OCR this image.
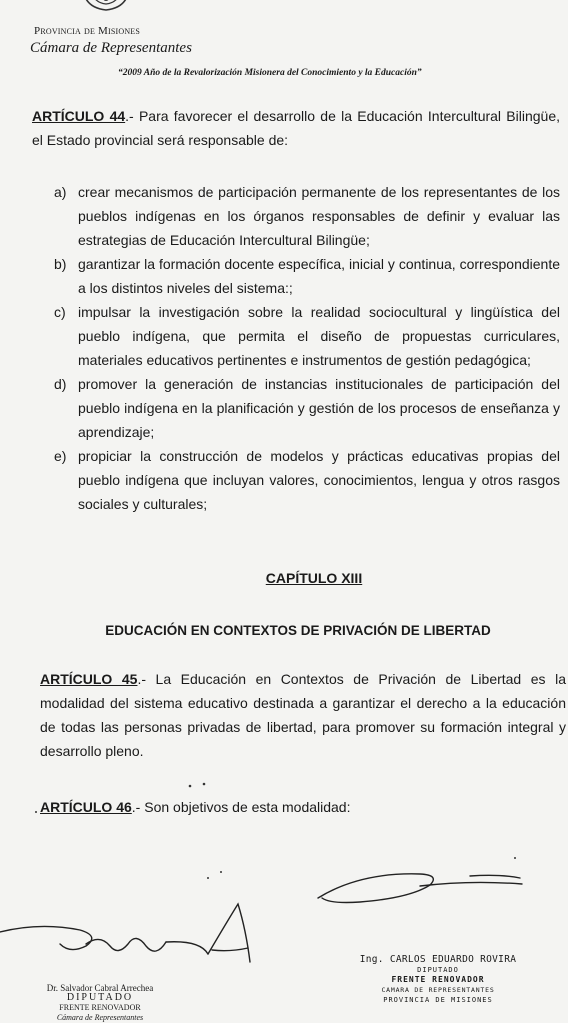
Provincia de Misiones
Cámara de Representantes
“2009 Año de la Revalorización Misionera del Conocimiento y la Educación”
ARTÍCULO 44.- Para favorecer el desarrollo de la Educación Intercultural Bilingüe, el Estado provincial será responsable de:
a) crear mecanismos de participación permanente de los representantes de los pueblos indígenas en los órganos responsables de definir y evaluar las estrategias de Educación Intercultural Bilingüe;
b) garantizar la formación docente específica, inicial y continua, correspondiente a los distintos niveles del sistema:;
c) impulsar la investigación sobre la realidad sociocultural y lingüística del pueblo indígena, que permita el diseño de propuestas curriculares, materiales educativos pertinentes e instrumentos de gestión pedagógica;
d) promover la generación de instancias institucionales de participación del pueblo indígena en la planificación y gestión de los procesos de enseñanza y aprendizaje;
e) propiciar la construcción de modelos y prácticas educativas propias del pueblo indígena que incluyan valores, conocimientos, lengua y otros rasgos sociales y culturales;
CAPÍTULO XIII
EDUCACIÓN EN CONTEXTOS DE PRIVACIÓN DE LIBERTAD
ARTÍCULO 45.- La Educación en Contextos de Privación de Libertad es la modalidad del sistema educativo destinada a garantizar el derecho a la educación de todas las personas privadas de libertad, para promover su formación integral y desarrollo pleno.
ARTÍCULO 46.- Son objetivos de esta modalidad:
Dr. Salvador Cabral Arrechea
DIPUTADO
FRENTE RENOVADOR
Cámara de Representantes
Ing. CARLOS EDUARDO ROVIRA
DIPUTADO
FRENTE RENOVADOR
CAMARA DE REPRESENTANTES
PROVINCIA DE MISIONES
